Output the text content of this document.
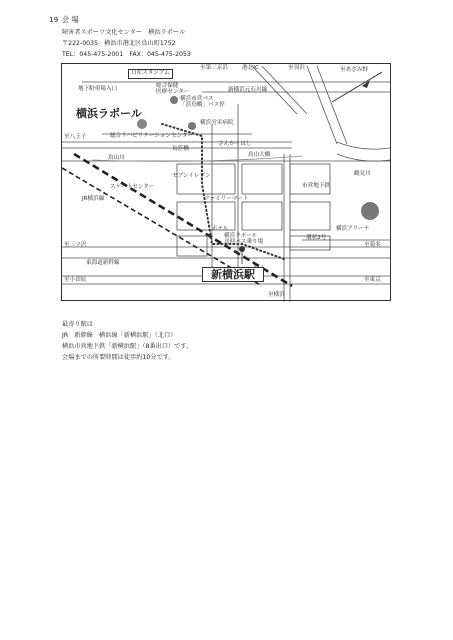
19 会 場
障害者スポーツ文化センター　横浜ラポール
〒222-0035　横浜市港北区鳥山町1752
TEL：045-475-2001　FAX：045-475-2053
日産スタジアム
地下駐車場入口	総合保健
医療センター
横浜市営バス
「浜鳥橋」バス停
横浜ラポール
横浜労災病院
総合リハビリテーションセンター
さんかくはし
鳥浜橋
至第三京浜	港北IC	至羽沢	至あざみ野
新横浜元石川線
至八王子
鳥山川	鳥山大橋
鶴見川
セブンイレブン
スケートセンター	市営地下鉄
ファミリーマート
JR横浜線
ホテル
横浜ラポール
送迎バス乗り場
環状2号
横浜アリーナ
至三ツ沢	至菊名
東海道新幹線
新横浜駅
至小田原	至東京
至横浜
最寄り駅は
JR　新幹線　横浜線「新横浜駅」（北口）
横浜市営地下鉄「新横浜駅」（8番出口）です。
会場までの所要時間は徒歩約10分です。
